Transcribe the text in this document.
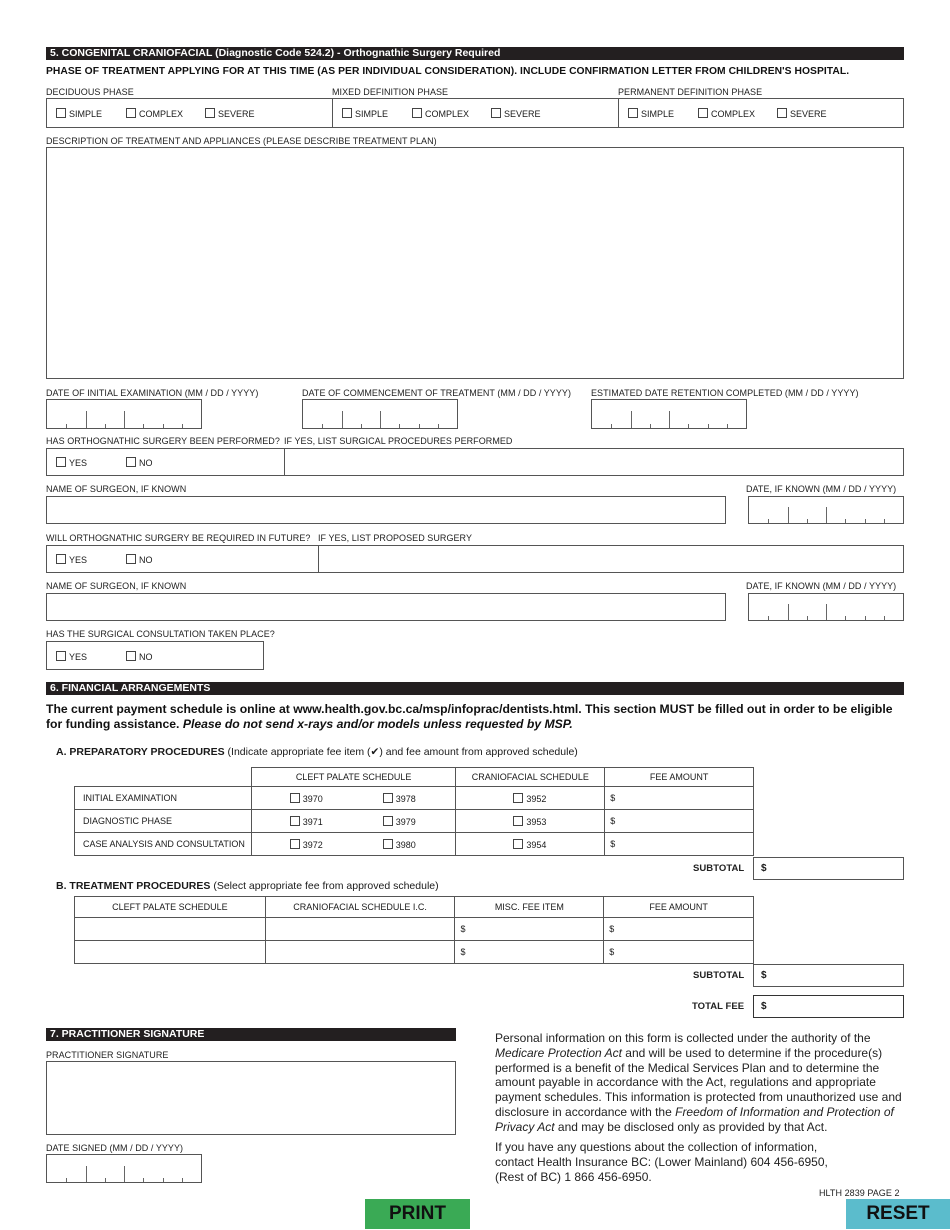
5. CONGENITAL CRANIOFACIAL (Diagnostic Code 524.2) - Orthognathic Surgery Required
PHASE OF TREATMENT APPLYING FOR AT THIS TIME (AS PER INDIVIDUAL CONSIDERATION). INCLUDE CONFIRMATION LETTER FROM CHILDREN'S HOSPITAL.
DECIDUOUS PHASE	MIXED DEFINITION PHASE	PERMANENT DEFINITION PHASE
SIMPLE	COMPLEX	SEVERE	SIMPLE	COMPLEX	SEVERE	SIMPLE	COMPLEX	SEVERE
DESCRIPTION OF TREATMENT AND APPLIANCES (PLEASE DESCRIBE TREATMENT PLAN)
DATE OF INITIAL EXAMINATION (MM / DD / YYYY)	DATE OF COMMENCEMENT OF TREATMENT (MM / DD / YYYY) ESTIMATED DATE RETENTION COMPLETED (MM / DD / YYYY)
HAS ORTHOGNATHIC SURGERY BEEN PERFORMED? IF YES, LIST SURGICAL PROCEDURES PERFORMED
YES	NO
NAME OF SURGEON, IF KNOWN	DATE, IF KNOWN (MM / DD / YYYY)
WILL ORTHOGNATHIC SURGERY BE REQUIRED IN FUTURE? IF YES, LIST PROPOSED SURGERY
YES	NO
NAME OF SURGEON, IF KNOWN	DATE, IF KNOWN (MM / DD / YYYY)
HAS THE SURGICAL CONSULTATION TAKEN PLACE?
YES	NO
6. FINANCIAL ARRANGEMENTS
The current payment schedule is online at www.health.gov.bc.ca/msp/infoprac/dentists.html. This section MUST be filled out in order to be eligible for funding assistance. Please do not send x-rays and/or models unless requested by MSP.
A. PREPARATORY PROCEDURES (Indicate appropriate fee item (✔) and fee amount from approved schedule)
	CLEFT PALATE SCHEDULE	CRANIOFACIAL SCHEDULE	FEE AMOUNT
INITIAL EXAMINATION	3970 3978	3952	$
DIAGNOSTIC PHASE	3971 3979	3953	$
CASE ANALYSIS AND CONSULTATION	3972 3980	3954	$
SUBTOTAL	$
B. TREATMENT PROCEDURES (Select appropriate fee from approved schedule)
CLEFT PALATE SCHEDULE	CRANIOFACIAL SCHEDULE I.C.	MISC. FEE ITEM	FEE AMOUNT
		$	$
		$	$
SUBTOTAL	$
TOTAL FEE	$
7. PRACTITIONER SIGNATURE
PRACTITIONER SIGNATURE
DATE SIGNED (MM / DD / YYYY)
Personal information on this form is collected under the authority of the Medicare Protection Act and will be used to determine if the procedure(s) performed is a benefit of the Medical Services Plan and to determine the amount payable in accordance with the Act, regulations and appropriate payment schedules. This information is protected from unauthorized use and disclosure in accordance with the Freedom of Information and Protection of Privacy Act and may be disclosed only as provided by that Act.
If you have any questions about the collection of information, contact Health Insurance BC: (Lower Mainland) 604 456-6950, (Rest of BC) 1 866 456-6950.
HLTH 2839 PAGE 2
PRINT	RESET
